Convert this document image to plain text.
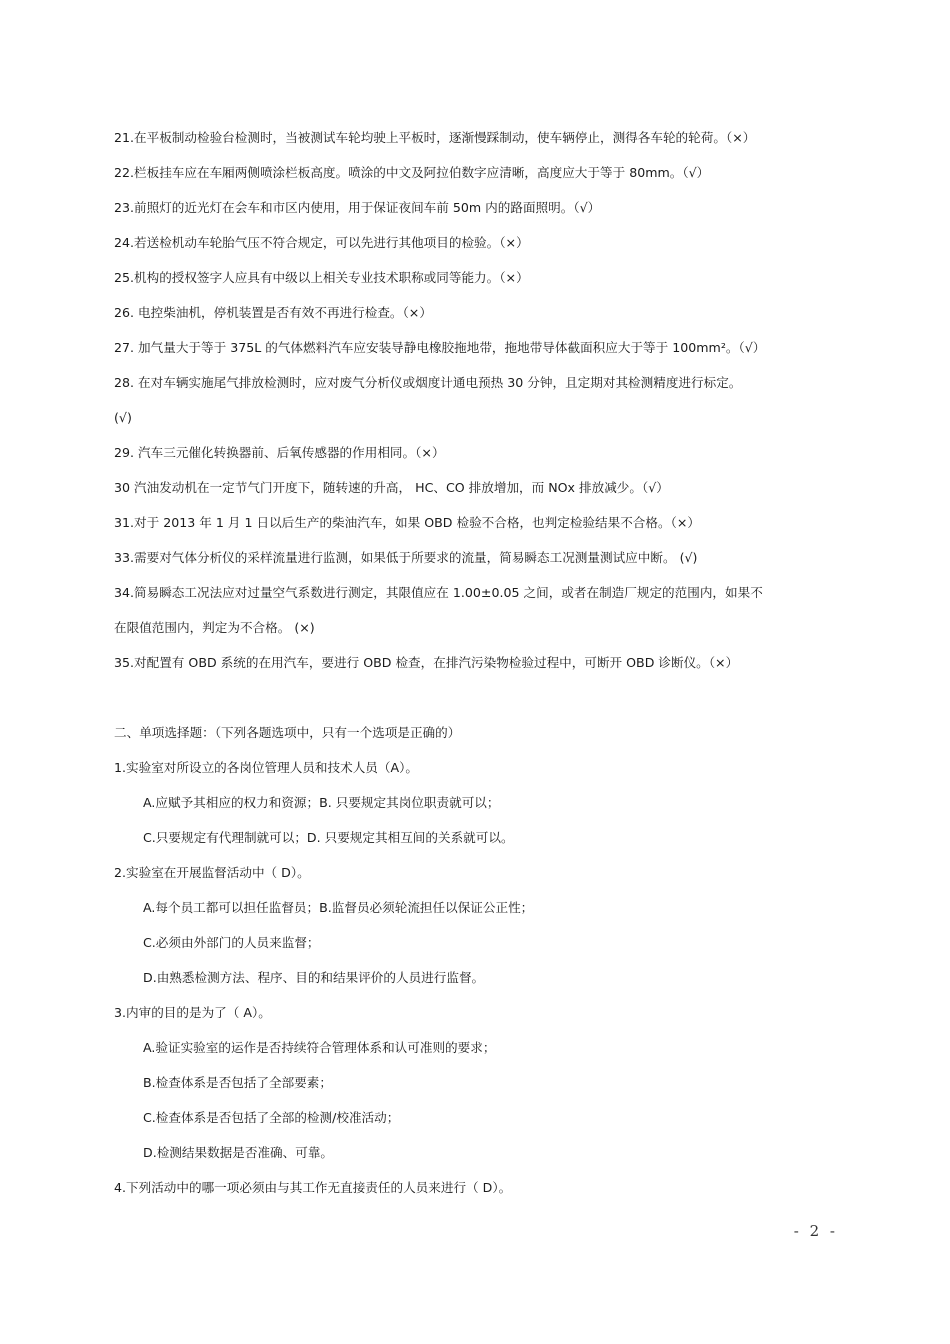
21.在平板制动检验台检测时，当被测试车轮均驶上平板时，逐渐慢踩制动，使车辆停止，测得各车轮的轮荷。（×）
22.栏板挂车应在车厢两侧喷涂栏板高度。喷涂的中文及阿拉伯数字应清晰，高度应大于等于 80mm。（√）
23.前照灯的近光灯在会车和市区内使用，用于保证夜间车前 50m 内的路面照明。（√）
24.若送检机动车轮胎气压不符合规定，可以先进行其他项目的检验。（×）
25.机构的授权签字人应具有中级以上相关专业技术职称或同等能力。（×）
26. 电控柴油机，停机装置是否有效不再进行检查。（×）
27. 加气量大于等于 375L 的气体燃料汽车应安装导静电橡胶拖地带，拖地带导体截面积应大于等于 100mm²。（√）
28. 在对车辆实施尾气排放检测时，应对废气分析仪或烟度计通电预热 30 分钟，且定期对其检测精度进行标定。
(√)
29. 汽车三元催化转换器前、后氧传感器的作用相同。（×）
30 汽油发动机在一定节气门开度下，随转速的升高， HC、CO 排放增加，而 NOx 排放减少。（√）
31.对于 2013 年 1 月 1 日以后生产的柴油汽车，如果 OBD 检验不合格，也判定检验结果不合格。（×）
33.需要对气体分析仪的采样流量进行监测，如果低于所要求的流量，简易瞬态工况测量测试应中断。 (√)
34.简易瞬态工况法应对过量空气系数进行测定，其限值应在 1.00±0.05 之间，或者在制造厂规定的范围内，如果不
在限值范围内，判定为不合格。 (×)
35.对配置有 OBD 系统的在用汽车，要进行 OBD 检查，在排汽污染物检验过程中，可断开 OBD 诊断仪。（×）
二、单项选择题：（下列各题选项中，只有一个选项是正确的）
1.实验室对所设立的各岗位管理人员和技术人员（A）。
A.应赋予其相应的权力和资源；B. 只要规定其岗位职责就可以；
C.只要规定有代理制就可以；D. 只要规定其相互间的关系就可以。
2.实验室在开展监督活动中（ D）。
A.每个员工都可以担任监督员；B.监督员必须轮流担任以保证公正性；
C.必须由外部门的人员来监督；
D.由熟悉检测方法、程序、目的和结果评价的人员进行监督。
3.内审的目的是为了（ A）。
A.验证实验室的运作是否持续符合管理体系和认可准则的要求；
B.检查体系是否包括了全部要素；
C.检查体系是否包括了全部的检测/校准活动；
D.检测结果数据是否准确、可靠。
4.下列活动中的哪一项必须由与其工作无直接责任的人员来进行（ D）。
- 2 -
